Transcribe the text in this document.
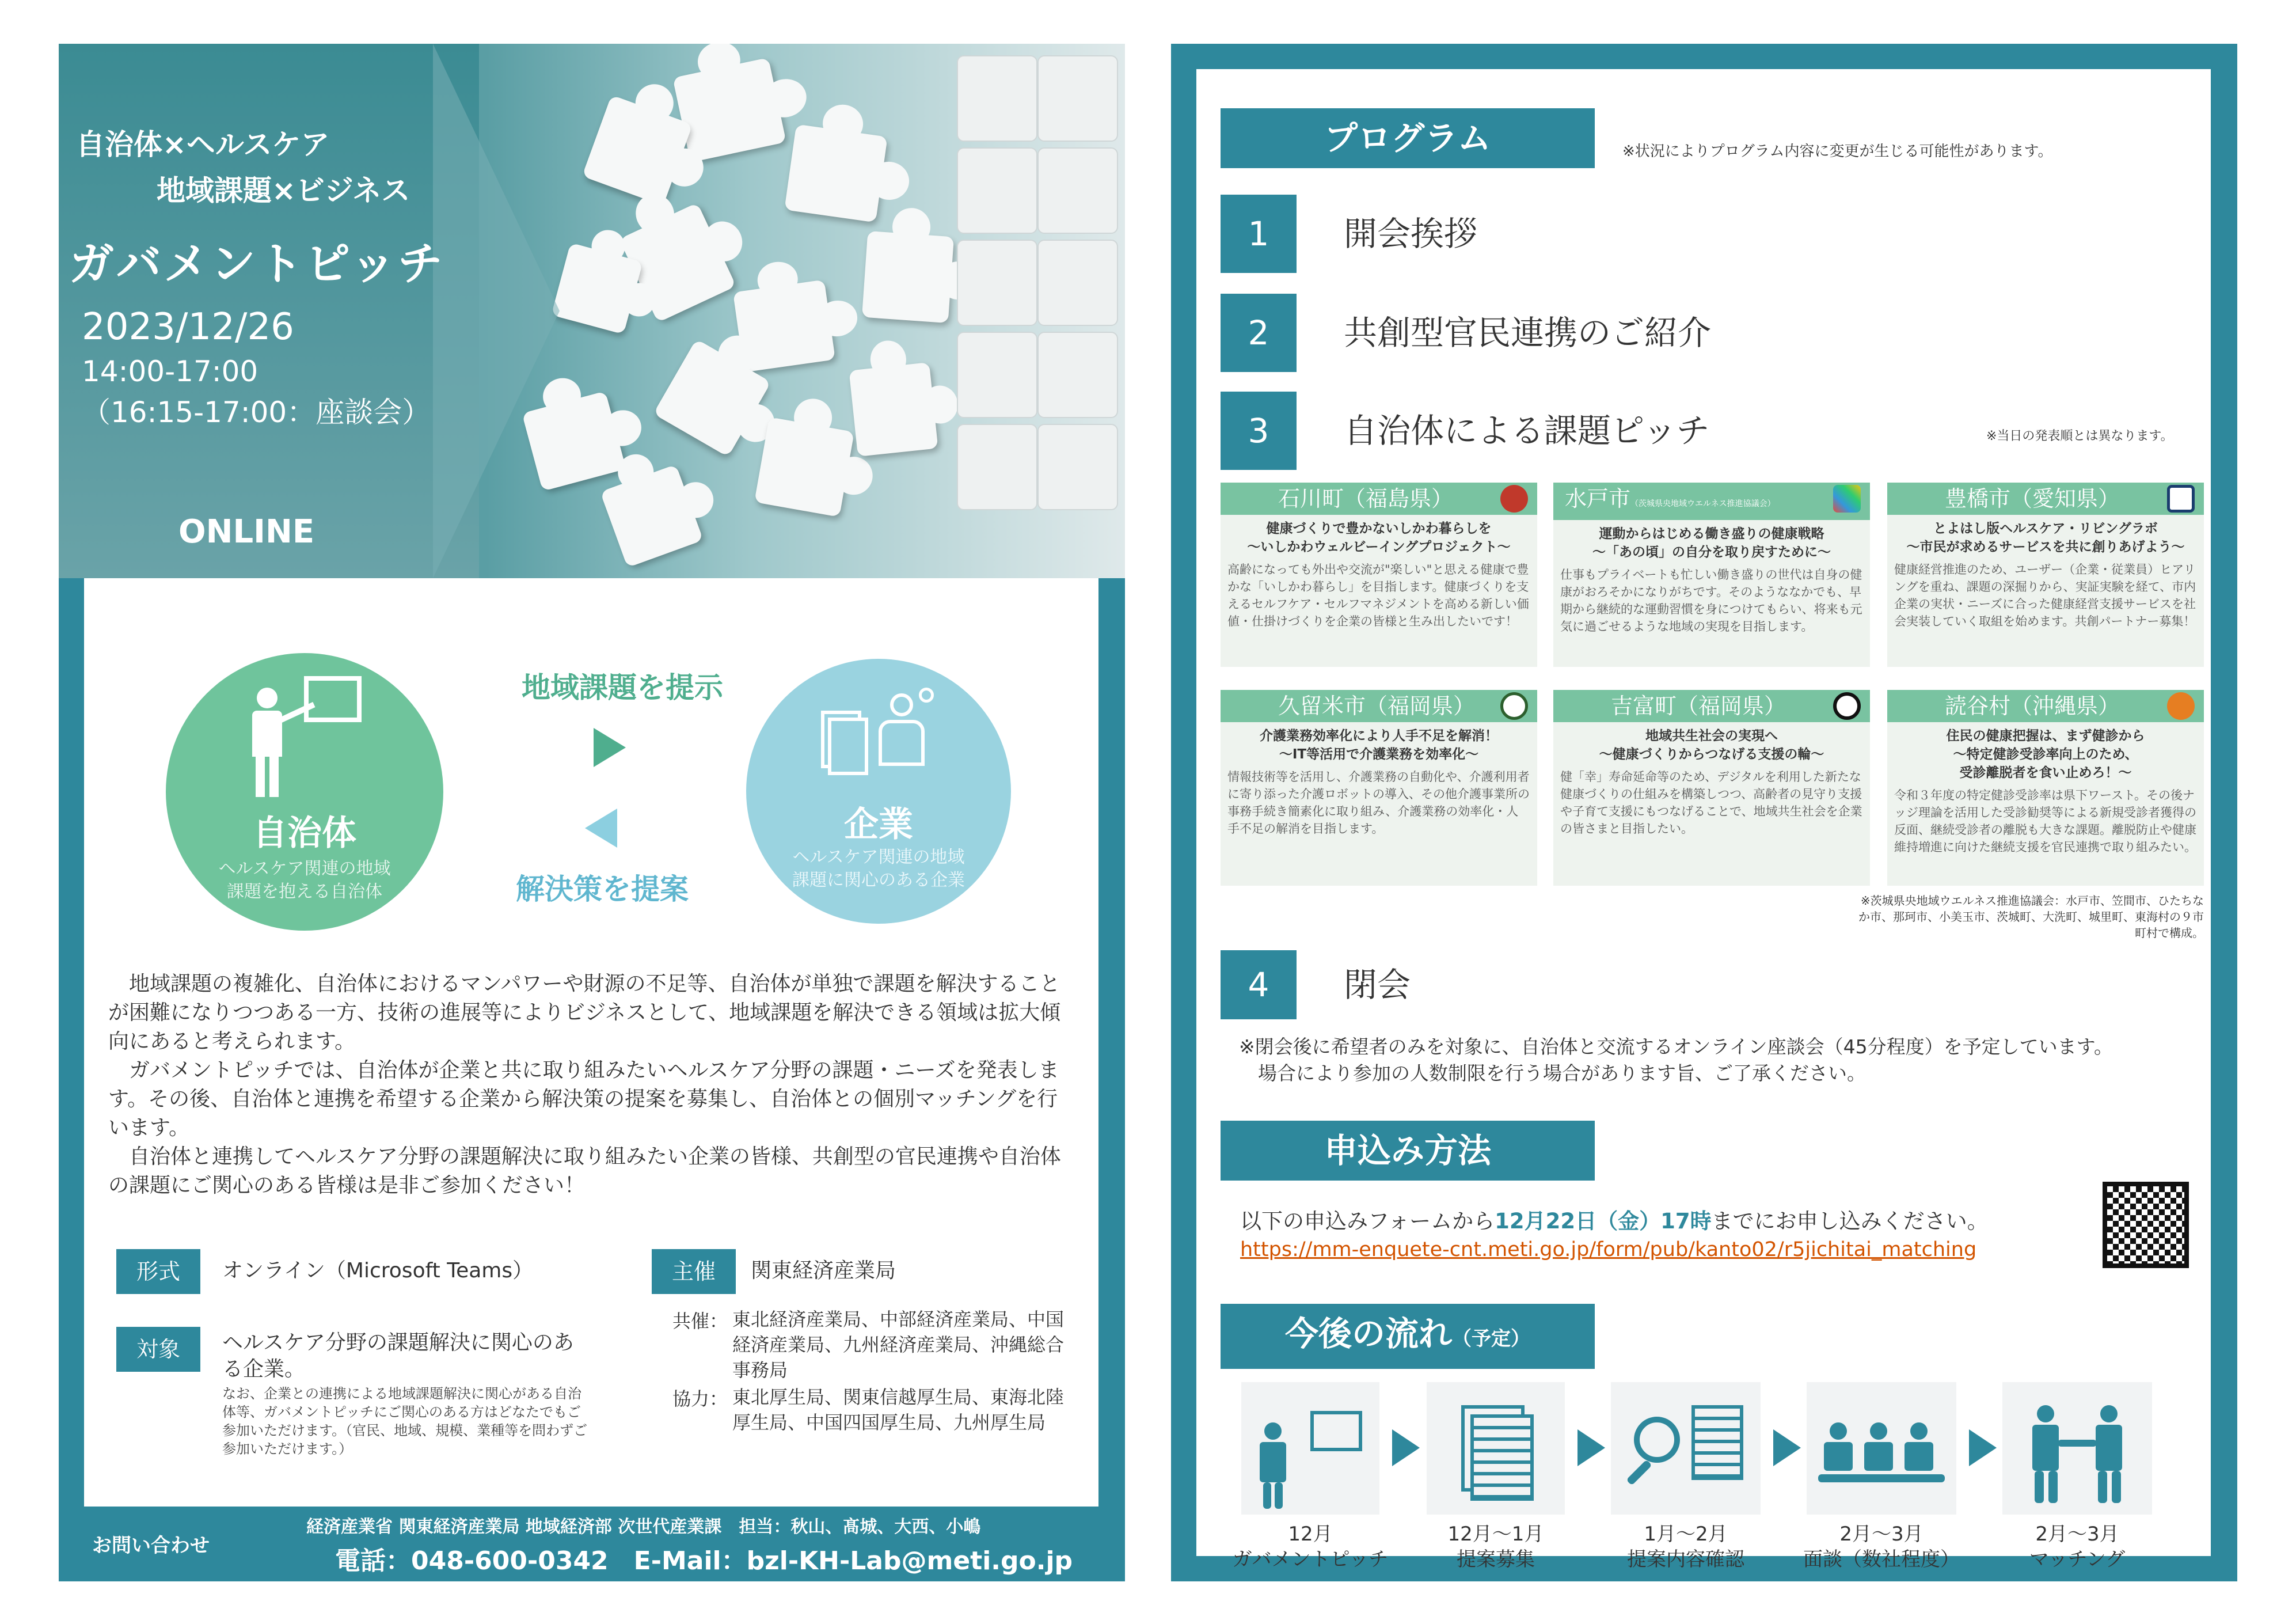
自治体×ヘルスケア
地域課題×ビジネス
ガバメントピッチ
2023/12/26
14:00-17:00
（16:15-17:00：座談会）
ONLINE
自治体
ヘルスケア関連の地域課題を抱える自治体
地域課題を提示
解決策を提案
企業
ヘルスケア関連の地域課題に関心のある企業

　地域課題の複雑化、自治体におけるマンパワーや財源の不足等、自治体が単独で課題を解決することが困難になりつつある一方、技術の進展等によりビジネスとして、地域課題を解決できる領域は拡大傾向にあると考えられます。

　ガバメントピッチでは、自治体が企業と共に取り組みたいヘルスケア分野の課題・ニーズを発表します。その後、自治体と連携を希望する企業から解決策の提案を募集し、自治体との個別マッチングを行います。

　自治体と連携してヘルスケア分野の課題解決に取り組みたい企業の皆様、共創型の官民連携や自治体の課題にご関心のある皆様は是非ご参加ください！

形式	オンライン（Microsoft Teams）
対象	ヘルスケア分野の課題解決に関心のある企業。
なお、企業との連携による地域課題解決に関心がある自治体等、ガバメントピッチにご関心のある方はどなたでもご参加いただけます。（官民、地域、規模、業種等を問わずご参加いただけます。）
主催	関東経済産業局
共催： 東北経済産業局、中部経済産業局、中国経済産業局、九州経済産業局、沖縄総合事務局
協力： 東北厚生局、関東信越厚生局、東海北陸厚生局、中国四国厚生局、九州厚生局
お問い合わせ
経済産業省 関東経済産業局 地域経済部 次世代産業課　担当：秋山、髙城、大西、小嶋
電話：048-600-0342　E-Mail：bzl-KH-Lab@meti.go.jp
プログラム	※状況によりプログラム内容に変更が生じる可能性があります。
1	開会挨拶
2	共創型官民連携のご紹介
3	自治体による課題ピッチ	※当日の発表順とは異なります。
石川町（福島県）
健康づくりで豊かないしかわ暮らしを
～いしかわウェルビーイングプロジェクト～
高齢になっても外出や交流が"楽しい"と思える健康で豊かな「いしかわ暮らし」を目指します。健康づくりを支えるセルフケア・セルフマネジメントを高める新しい価値・仕掛けづくりを企業の皆様と生み出したいです！
水戸市（茨城県央地域ウエルネス推進協議会）
運動からはじめる働き盛りの健康戦略
～「あの頃」の自分を取り戻すために～
仕事もプライベートも忙しい働き盛りの世代は自身の健康がおろそかになりがちです。そのようななかでも、早期から継続的な運動習慣を身につけてもらい、将来も元気に過ごせるような地域の実現を目指します。
豊橋市（愛知県）
とよはし版ヘルスケア・リビングラボ
～市民が求めるサービスを共に創りあげよう～
健康経営推進のため、ユーザー（企業・従業員）ヒアリングを重ね、課題の深掘りから、実証実験を経て、市内企業の実状・ニーズに合った健康経営支援サービスを社会実装していく取組を始めます。共創パートナー募集！
久留米市（福岡県）
介護業務効率化により人手不足を解消！
～IT等活用で介護業務を効率化～
情報技術等を活用し、介護業務の自動化や、介護利用者に寄り添った介護ロボットの導入、その他介護事業所の事務手続き簡素化に取り組み、介護業務の効率化・人手不足の解消を目指します。
吉富町（福岡県）
地域共生社会の実現へ
～健康づくりからつなげる支援の輪～
健「幸」寿命延命等のため、デジタルを利用した新たな健康づくりの仕組みを構築しつつ、高齢者の見守り支援や子育て支援にもつなげることで、地域共生社会を企業の皆さまと目指したい。
読谷村（沖縄県）
住民の健康把握は、まず健診から
～特定健診受診率向上のため、
受診離脱者を食い止めろ！～
令和３年度の特定健診受診率は県下ワースト。その後ナッジ理論を活用した受診勧奨等による新規受診者獲得の反面、継続受診者の離脱も大きな課題。離脱防止や健康維持増進に向けた継続支援を官民連携で取り組みたい。
※茨城県央地域ウエルネス推進協議会：水戸市、笠間市、ひたちなか市、那珂市、小美玉市、茨城町、大洗町、城里町、東海村の９市町村で構成。
4	閉会
※閉会後に希望者のみを対象に、自治体と交流するオンライン座談会（45分程度）を予定しています。
　場合により参加の人数制限を行う場合があります旨、ご了承ください。
申込み方法
以下の申込みフォームから12月22日（金）17時までにお申し込みください。
https://mm-enquete-cnt.meti.go.jp/form/pub/kanto02/r5jichitai_matching
今後の流れ（予定）
12月
ガバメントピッチ
12月～1月
提案募集
1月～2月
提案内容確認
2月～3月
面談（数社程度）
2月～3月
マッチング
